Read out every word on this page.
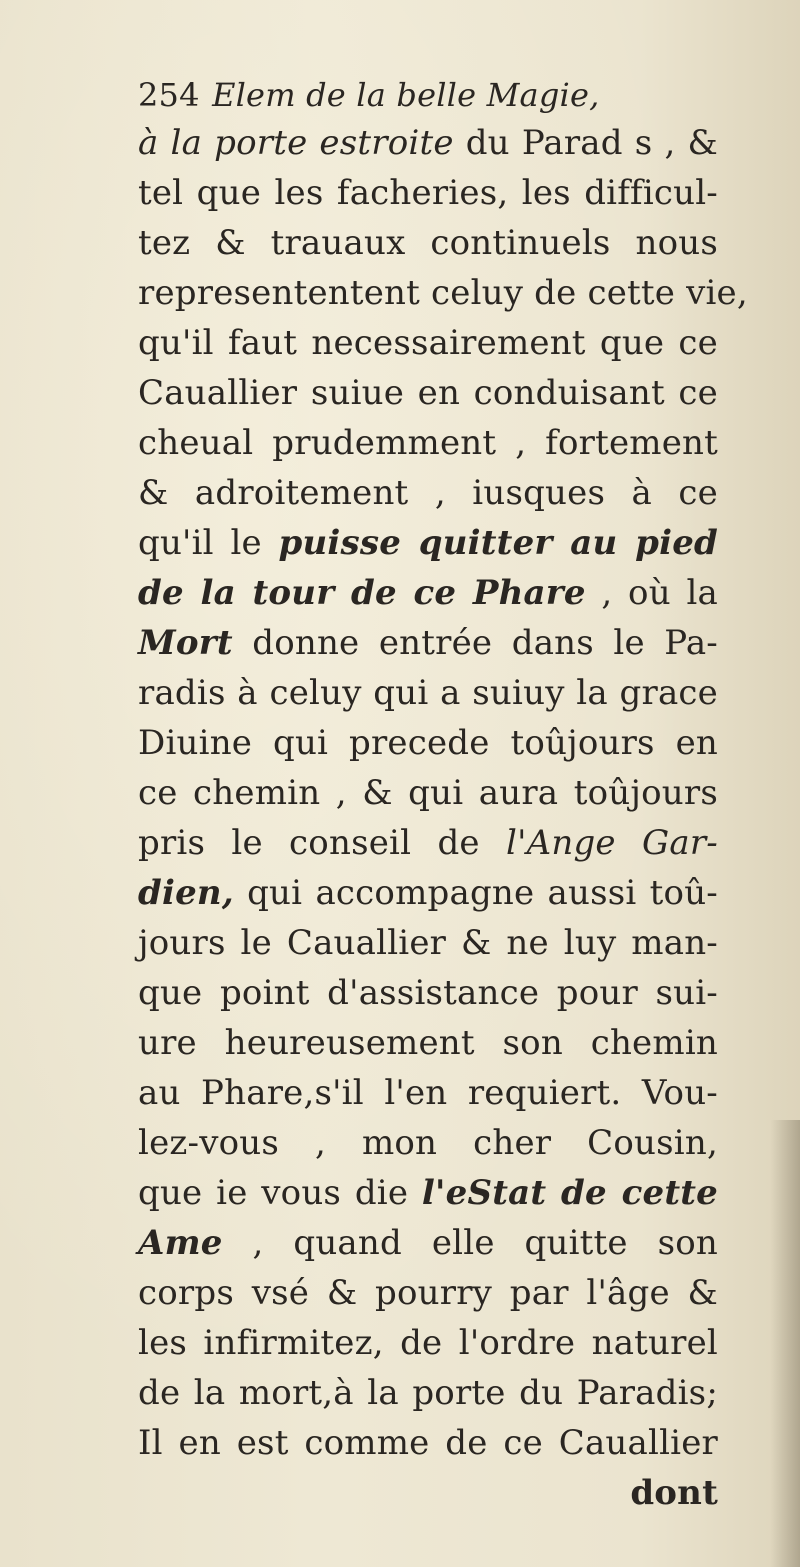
254 Elem de la belle Magie,
à la porte estroite du Parad s , &
tel que les facheries, les difficul-
tez & trauaux continuels nous
represententent celuy de cette vie,
qu'il faut necessairement que ce
Cauallier suiue en conduisant ce
cheual prudemment , fortement
& adroitement , iusques à ce
qu'il le puisse quitter au pied
de la tour de ce Phare , où la
Mort donne entrée dans le Pa-
radis à celuy qui a suiuy la grace
Diuine qui precede toûjours en
ce chemin , & qui aura toûjours
pris le conseil de l'Ange Gar-
dien, qui accompagne aussi toû-
jours le Cauallier & ne luy man-
que point d'assistance pour sui-
ure heureusement son chemin
au Phare,s'il l'en requiert. Vou-
lez-vous , mon cher Cousin,
que ie vous die l'eStat de cette
Ame , quand elle quitte son
corps vsé & pourry par l'âge &
les infirmitez, de l'ordre naturel
de la mort,à la porte du Paradis;
Il en est comme de ce Cauallier
dont
